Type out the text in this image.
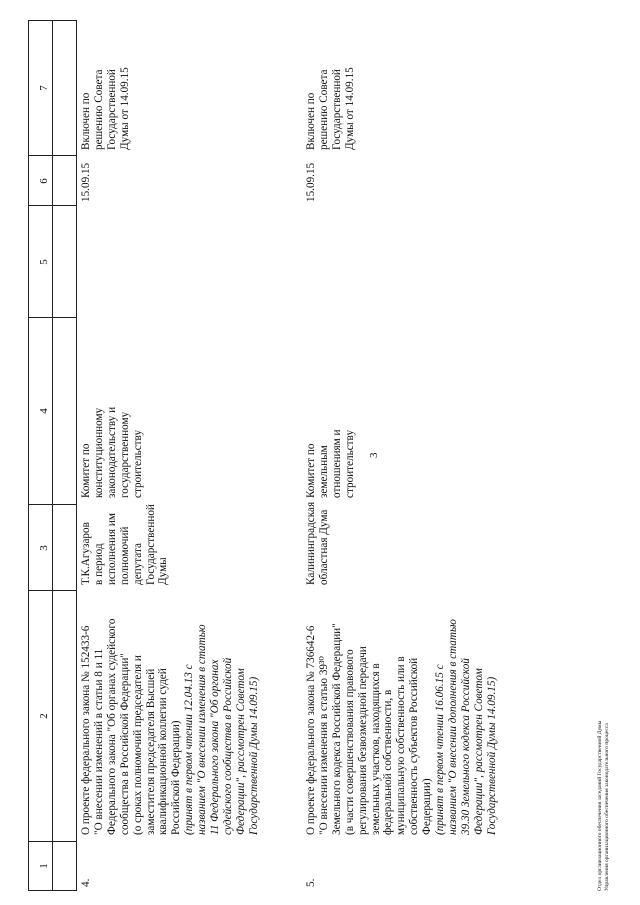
3
1
2
3
4
5
6
7
4.

О проекте федерального закона № 152433-6 "О внесении изменений в статьи 8 и 11 Федерального закона "Об органах судейского сообщества в Российской Федерации" (о сроках полномочий председателя и заместителя председателя Высшей квалификационной коллегии судей Российской Федерации) (принят в первом чтении 12.04.13 с названием "О внесении изменения в статью 11 Федерального закона "Об органах судейского сообщества в Российской Федерации", рассмотрен Советом Государственной Думы 14.09.15)

Т.К.Агузаров в период исполнения им полномочий депутата Государственной Думы

Комитет по конституционному законодательству и государственному строительству

15.09.15

Включен по решению Совета Государственной Думы от 14.09.15

5.

О проекте федерального закона № 736642-6 "О внесении изменения в статью 39³⁰ Земельного кодекса Российской Федерации" (в части совершенствования правового регулирования безвозмездной передачи земельных участков, находящихся в федеральной собственности, в муниципальную собственность или в собственность субъектов Российской Федерации) (принят в первом чтении 16.06.15 с названием "О внесении дополнения в статью 39.30 Земельного кодекса Российской Федерации", рассмотрен Советом Государственной Думы 14.09.15)

Калининградская областная Дума

Комитет по земельным отношениям и строительству

15.09.15

Включен по решению Совета Государственной Думы от 14.09.15

Отдел организационного обеспечения заседаний Государственной Думы Управления организационного обеспечения законодательного процесса
